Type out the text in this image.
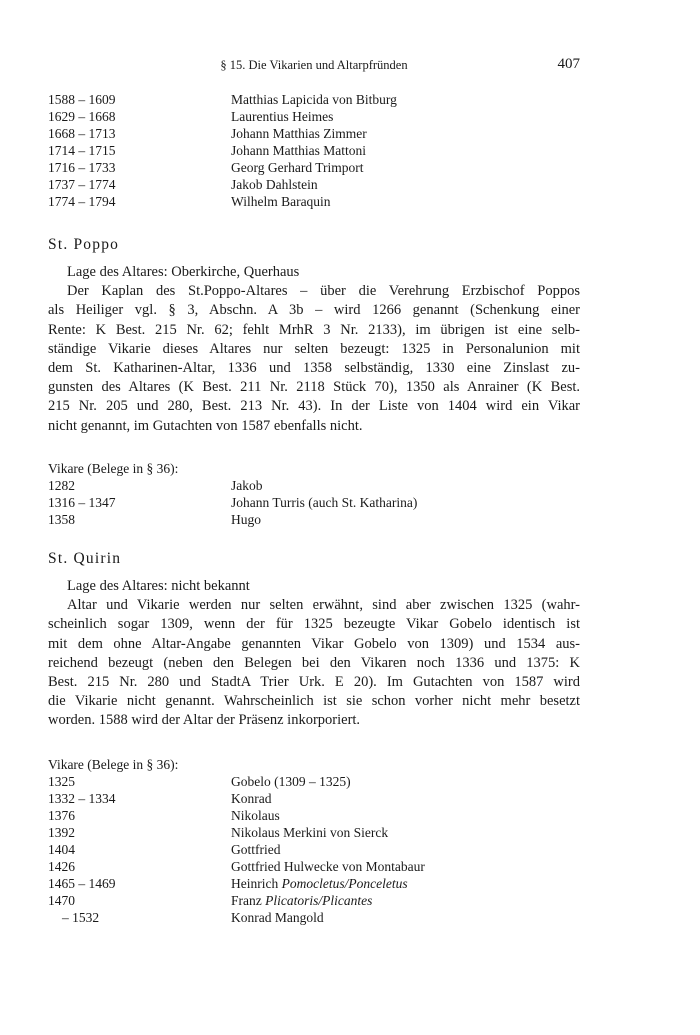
§ 15. Die Vikarien und Altarpfründen	407
1588 – 1609	Matthias Lapicida von Bitburg
1629 – 1668	Laurentius Heimes
1668 – 1713	Johann Matthias Zimmer
1714 – 1715	Johann Matthias Mattoni
1716 – 1733	Georg Gerhard Trimport
1737 – 1774	Jakob Dahlstein
1774 – 1794	Wilhelm Baraquin
St. Poppo
Lage des Altares: Oberkirche, Querhaus
Der Kaplan des St.Poppo-Altares – über die Verehrung Erzbischof Poppos
als Heiliger vgl. § 3, Abschn. A 3b – wird 1266 genannt (Schenkung einer
Rente: K Best. 215 Nr. 62; fehlt MrhR 3 Nr. 2133), im übrigen ist eine selb-
ständige Vikarie dieses Altares nur selten bezeugt: 1325 in Personalunion mit
dem St. Katharinen-Altar, 1336 und 1358 selbständig, 1330 eine Zinslast zu-
gunsten des Altares (K Best. 211 Nr. 2118 Stück 70), 1350 als Anrainer (K Best.
215 Nr. 205 und 280, Best. 213 Nr. 43). In der Liste von 1404 wird ein Vikar
nicht genannt, im Gutachten von 1587 ebenfalls nicht.
Vikare (Belege in § 36):
1282	Jakob
1316 – 1347	Johann Turris (auch St. Katharina)
1358	Hugo
St. Quirin
Lage des Altares: nicht bekannt
Altar und Vikarie werden nur selten erwähnt, sind aber zwischen 1325 (wahr-
scheinlich sogar 1309, wenn der für 1325 bezeugte Vikar Gobelo identisch ist
mit dem ohne Altar-Angabe genannten Vikar Gobelo von 1309) und 1534 aus-
reichend bezeugt (neben den Belegen bei den Vikaren noch 1336 und 1375: K
Best. 215 Nr. 280 und StadtA Trier Urk. E 20). Im Gutachten von 1587 wird
die Vikarie nicht genannt. Wahrscheinlich ist sie schon vorher nicht mehr besetzt
worden. 1588 wird der Altar der Präsenz inkorporiert.
Vikare (Belege in § 36):
1325	Gobelo (1309 – 1325)
1332 – 1334	Konrad
1376	Nikolaus
1392	Nikolaus Merkini von Sierck
1404	Gottfried
1426	Gottfried Hulwecke von Montabaur
1465 – 1469	Heinrich Pomocletus/Ponceletus
1470	Franz Plicatoris/Plicantes
– 1532	Konrad Mangold
